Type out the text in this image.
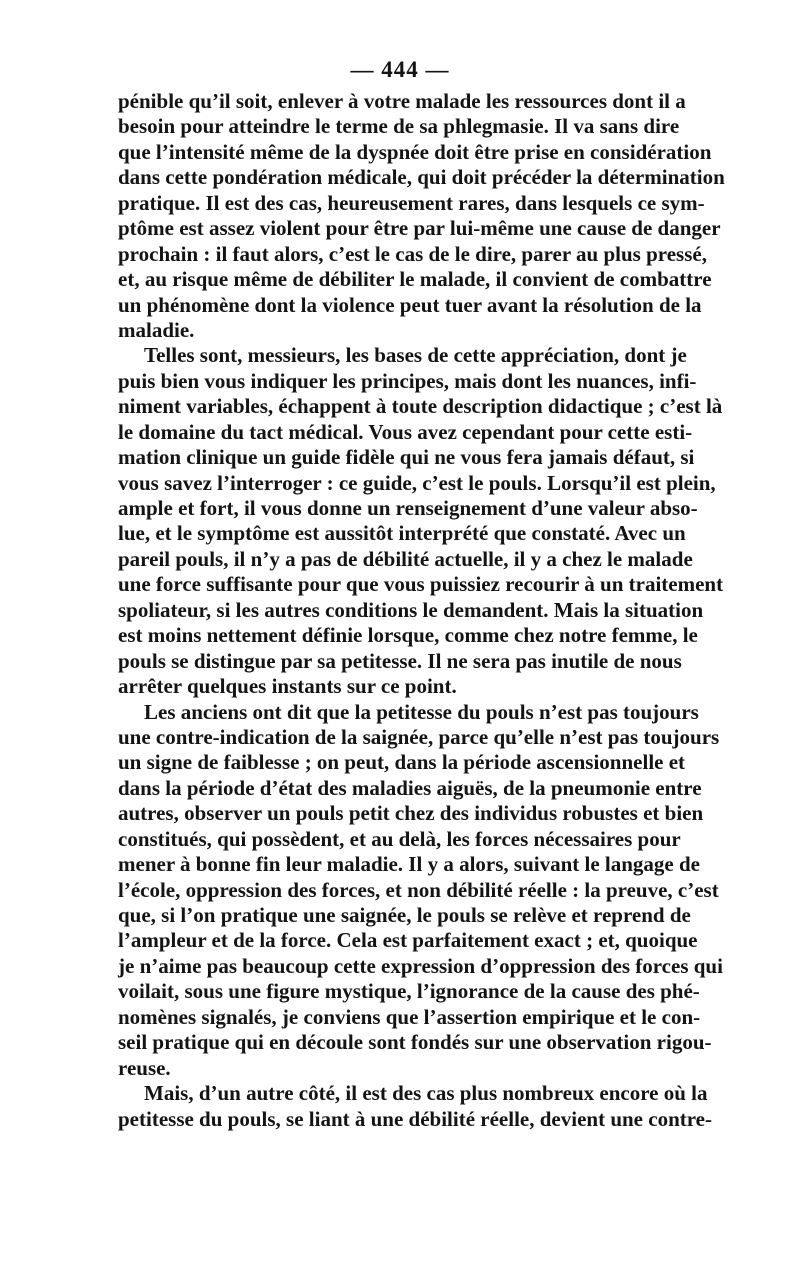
— 444 —
pénible qu’il soit, enlever à votre malade les ressources dont il a
besoin pour atteindre le terme de sa phlegmasie. Il va sans dire
que l’intensité même de la dyspnée doit être prise en considération
dans cette pondération médicale, qui doit précéder la détermination
pratique. Il est des cas, heureusement rares, dans lesquels ce sym-
ptôme est assez violent pour être par lui-même une cause de danger
prochain : il faut alors, c’est le cas de le dire, parer au plus pressé,
et, au risque même de débiliter le malade, il convient de combattre
un phénomène dont la violence peut tuer avant la résolution de la
maladie.
Telles sont, messieurs, les bases de cette appréciation, dont je
puis bien vous indiquer les principes, mais dont les nuances, infi-
niment variables, échappent à toute description didactique ; c’est là
le domaine du tact médical. Vous avez cependant pour cette esti-
mation clinique un guide fidèle qui ne vous fera jamais défaut, si
vous savez l’interroger : ce guide, c’est le pouls. Lorsqu’il est plein,
ample et fort, il vous donne un renseignement d’une valeur abso-
lue, et le symptôme est aussitôt interprété que constaté. Avec un
pareil pouls, il n’y a pas de débilité actuelle, il y a chez le malade
une force suffisante pour que vous puissiez recourir à un traitement
spoliateur, si les autres conditions le demandent. Mais la situation
est moins nettement définie lorsque, comme chez notre femme, le
pouls se distingue par sa petitesse. Il ne sera pas inutile de nous
arrêter quelques instants sur ce point.
Les anciens ont dit que la petitesse du pouls n’est pas toujours
une contre-indication de la saignée, parce qu’elle n’est pas toujours
un signe de faiblesse ; on peut, dans la période ascensionnelle et
dans la période d’état des maladies aiguës, de la pneumonie entre
autres, observer un pouls petit chez des individus robustes et bien
constitués, qui possèdent, et au delà, les forces nécessaires pour
mener à bonne fin leur maladie. Il y a alors, suivant le langage de
l’école, oppression des forces, et non débilité réelle : la preuve, c’est
que, si l’on pratique une saignée, le pouls se relève et reprend de
l’ampleur et de la force. Cela est parfaitement exact ; et, quoique
je n’aime pas beaucoup cette expression d’oppression des forces qui
voilait, sous une figure mystique, l’ignorance de la cause des phé-
nomènes signalés, je conviens que l’assertion empirique et le con-
seil pratique qui en découle sont fondés sur une observation rigou-
reuse.
Mais, d’un autre côté, il est des cas plus nombreux encore où la
petitesse du pouls, se liant à une débilité réelle, devient une contre-
